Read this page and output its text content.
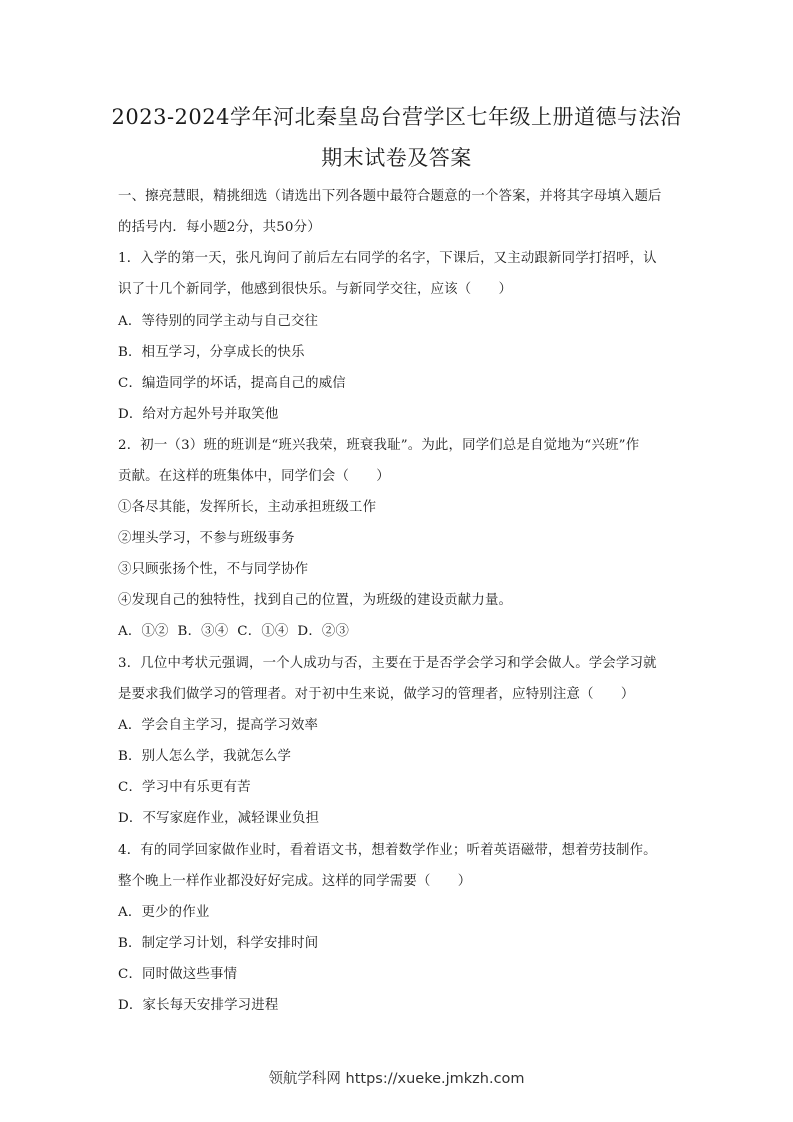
2023-2024学年河北秦皇岛台营学区七年级上册道德与法治
期末试卷及答案
一、擦亮慧眼，精挑细选（请选出下列各题中最符合题意的一个答案，并将其字母填入题后
的括号内．每小题2分，共50分）
1．入学的第一天，张凡询问了前后左右同学的名字，下课后，又主动跟新同学打招呼，认
识了十几个新同学，他感到很快乐。与新同学交往，应该（　　）
A．等待别的同学主动与自己交往
B．相互学习，分享成长的快乐
C．编造同学的坏话，提高自己的威信
D．给对方起外号并取笑他
2．初一（3）班的班训是“班兴我荣，班衰我耻”。为此，同学们总是自觉地为“兴班”作
贡献。在这样的班集体中，同学们会（　　）
①各尽其能，发挥所长，主动承担班级工作
②埋头学习，不参与班级事务
③只顾张扬个性，不与同学协作
④发现自己的独特性，找到自己的位置，为班级的建设贡献力量。
A．①②  B．③④  C．①④  D．②③
3．几位中考状元强调，一个人成功与否，主要在于是否学会学习和学会做人。学会学习就
是要求我们做学习的管理者。对于初中生来说，做学习的管理者，应特别注意（　　）
A．学会自主学习，提高学习效率
B．别人怎么学，我就怎么学
C．学习中有乐更有苦
D．不写家庭作业，减轻课业负担
4．有的同学回家做作业时，看着语文书，想着数学作业；听着英语磁带，想着劳技制作。
整个晚上一样作业都没好好完成。这样的同学需要（　　）
A．更少的作业
B．制定学习计划，科学安排时间
C．同时做这些事情
D．家长每天安排学习进程
领航学科网 https://xueke.jmkzh.com
